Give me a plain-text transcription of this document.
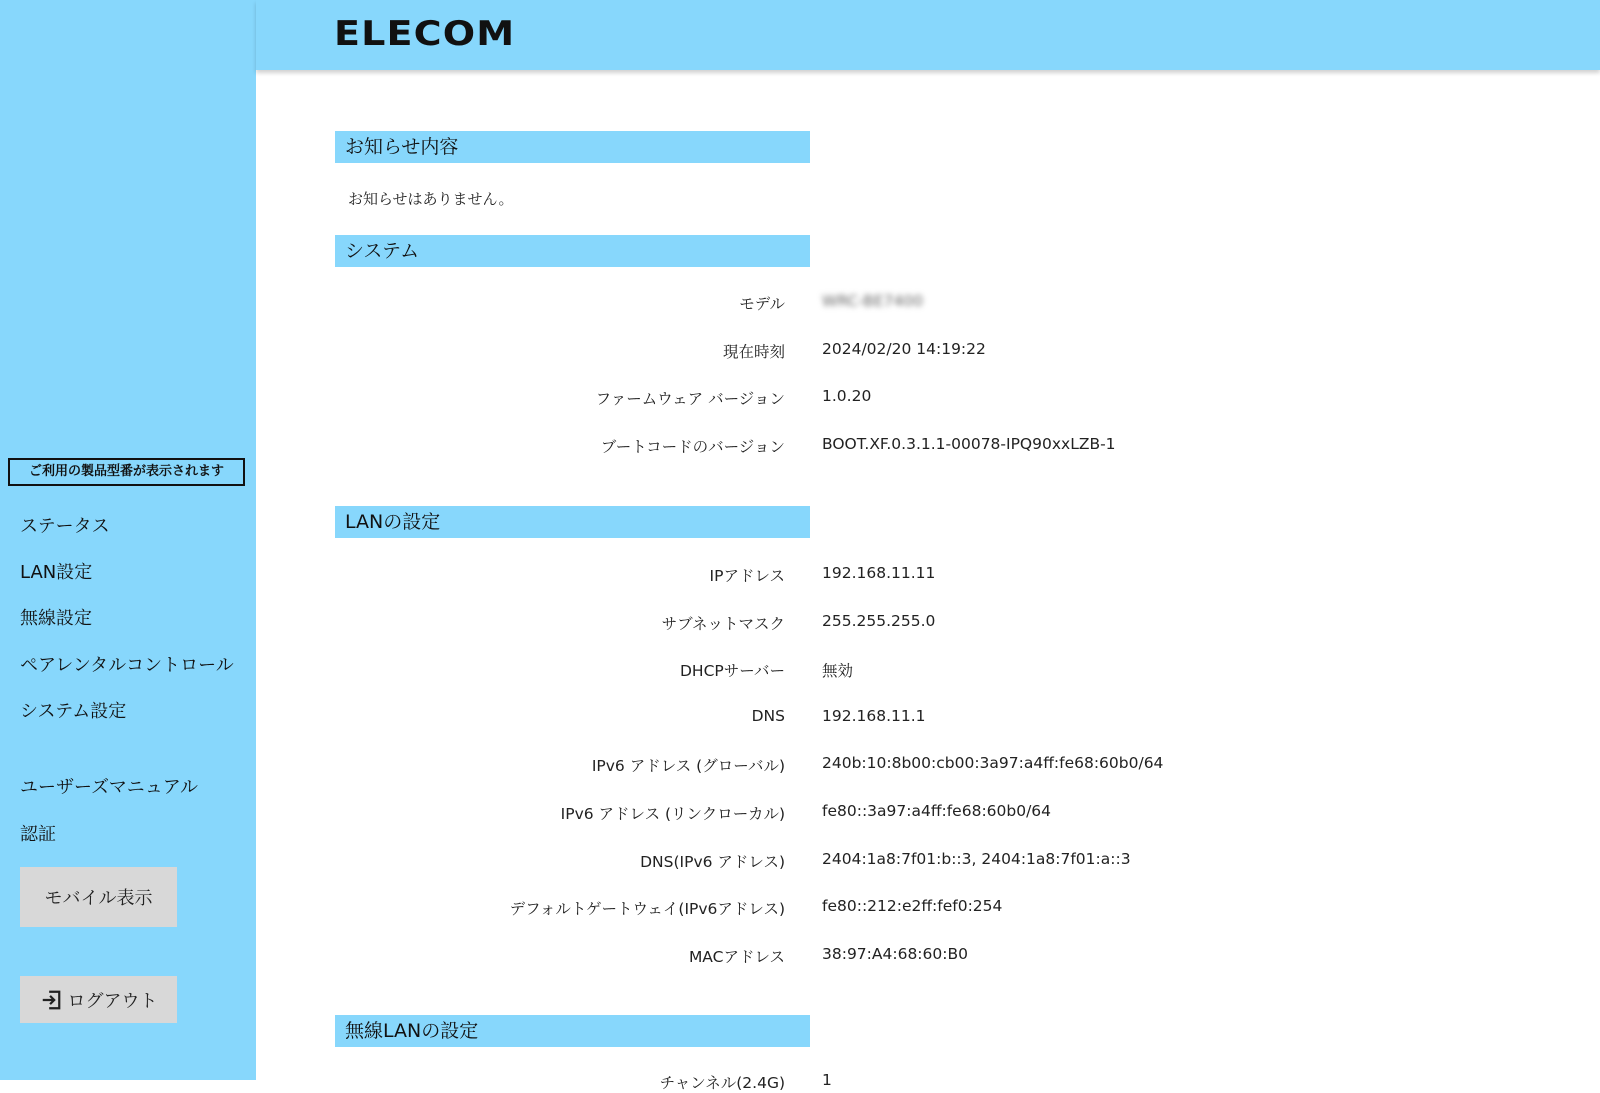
ご利用の製品型番が表示されます
ステータス
LAN設定
無線設定
ペアレンタルコントロール
システム設定
ユーザーズマニュアル
認証
モバイル表示
ログアウト
ELECOM
お知らせ内容
お知らせはありません。
システム
モデル WRC-BE7400
現在時刻 2024/02/20 14:19:22
ファームウェア バージョン 1.0.20
ブートコードのバージョン BOOT.XF.0.3.1.1-00078-IPQ90xxLZB-1
LANの設定
IPアドレス 192.168.11.11
サブネットマスク 255.255.255.0
DHCPサーバー 無効
DNS 192.168.11.1
IPv6 アドレス (グローバル) 240b:10:8b00:cb00:3a97:a4ff:fe68:60b0/64
IPv6 アドレス (リンクローカル) fe80::3a97:a4ff:fe68:60b0/64
DNS(IPv6 アドレス) 2404:1a8:7f01:b::3, 2404:1a8:7f01:a::3
デフォルトゲートウェイ(IPv6アドレス) fe80::212:e2ff:fef0:254
MACアドレス 38:97:A4:68:60:B0
無線LANの設定
チャンネル(2.4G) 1
